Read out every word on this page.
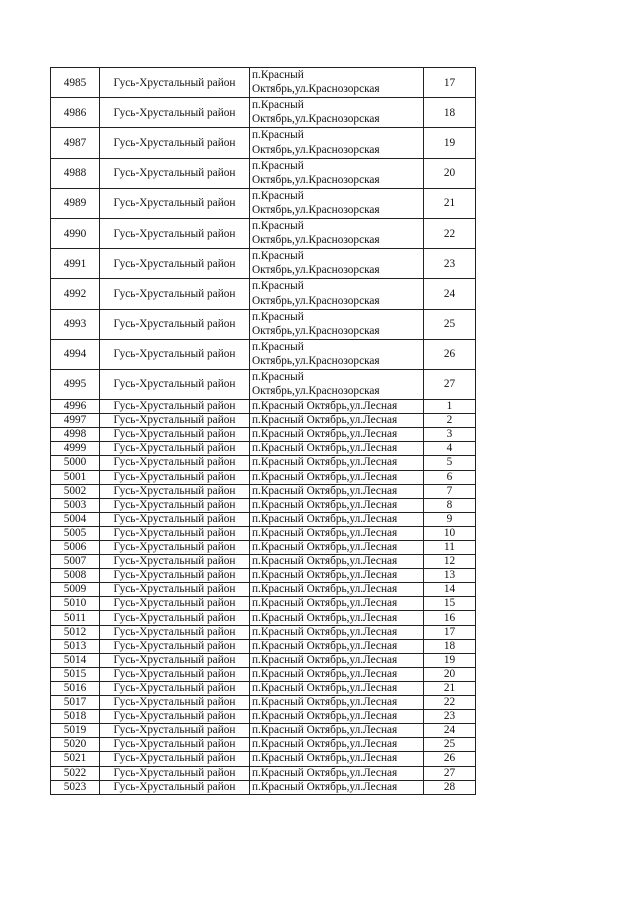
4985	Гусь-Хрустальный район	п.Красный Октябрь,ул.Краснозорская	17
4986	Гусь-Хрустальный район	п.Красный Октябрь,ул.Краснозорская	18
4987	Гусь-Хрустальный район	п.Красный Октябрь,ул.Краснозорская	19
4988	Гусь-Хрустальный район	п.Красный Октябрь,ул.Краснозорская	20
4989	Гусь-Хрустальный район	п.Красный Октябрь,ул.Краснозорская	21
4990	Гусь-Хрустальный район	п.Красный Октябрь,ул.Краснозорская	22
4991	Гусь-Хрустальный район	п.Красный Октябрь,ул.Краснозорская	23
4992	Гусь-Хрустальный район	п.Красный Октябрь,ул.Краснозорская	24
4993	Гусь-Хрустальный район	п.Красный Октябрь,ул.Краснозорская	25
4994	Гусь-Хрустальный район	п.Красный Октябрь,ул.Краснозорская	26
4995	Гусь-Хрустальный район	п.Красный Октябрь,ул.Краснозорская	27
4996	Гусь-Хрустальный район	п.Красный Октябрь,ул.Лесная	1
4997	Гусь-Хрустальный район	п.Красный Октябрь,ул.Лесная	2
4998	Гусь-Хрустальный район	п.Красный Октябрь,ул.Лесная	3
4999	Гусь-Хрустальный район	п.Красный Октябрь,ул.Лесная	4
5000	Гусь-Хрустальный район	п.Красный Октябрь,ул.Лесная	5
5001	Гусь-Хрустальный район	п.Красный Октябрь,ул.Лесная	6
5002	Гусь-Хрустальный район	п.Красный Октябрь,ул.Лесная	7
5003	Гусь-Хрустальный район	п.Красный Октябрь,ул.Лесная	8
5004	Гусь-Хрустальный район	п.Красный Октябрь,ул.Лесная	9
5005	Гусь-Хрустальный район	п.Красный Октябрь,ул.Лесная	10
5006	Гусь-Хрустальный район	п.Красный Октябрь,ул.Лесная	11
5007	Гусь-Хрустальный район	п.Красный Октябрь,ул.Лесная	12
5008	Гусь-Хрустальный район	п.Красный Октябрь,ул.Лесная	13
5009	Гусь-Хрустальный район	п.Красный Октябрь,ул.Лесная	14
5010	Гусь-Хрустальный район	п.Красный Октябрь,ул.Лесная	15
5011	Гусь-Хрустальный район	п.Красный Октябрь,ул.Лесная	16
5012	Гусь-Хрустальный район	п.Красный Октябрь,ул.Лесная	17
5013	Гусь-Хрустальный район	п.Красный Октябрь,ул.Лесная	18
5014	Гусь-Хрустальный район	п.Красный Октябрь,ул.Лесная	19
5015	Гусь-Хрустальный район	п.Красный Октябрь,ул.Лесная	20
5016	Гусь-Хрустальный район	п.Красный Октябрь,ул.Лесная	21
5017	Гусь-Хрустальный район	п.Красный Октябрь,ул.Лесная	22
5018	Гусь-Хрустальный район	п.Красный Октябрь,ул.Лесная	23
5019	Гусь-Хрустальный район	п.Красный Октябрь,ул.Лесная	24
5020	Гусь-Хрустальный район	п.Красный Октябрь,ул.Лесная	25
5021	Гусь-Хрустальный район	п.Красный Октябрь,ул.Лесная	26
5022	Гусь-Хрустальный район	п.Красный Октябрь,ул.Лесная	27
5023	Гусь-Хрустальный район	п.Красный Октябрь,ул.Лесная	28
